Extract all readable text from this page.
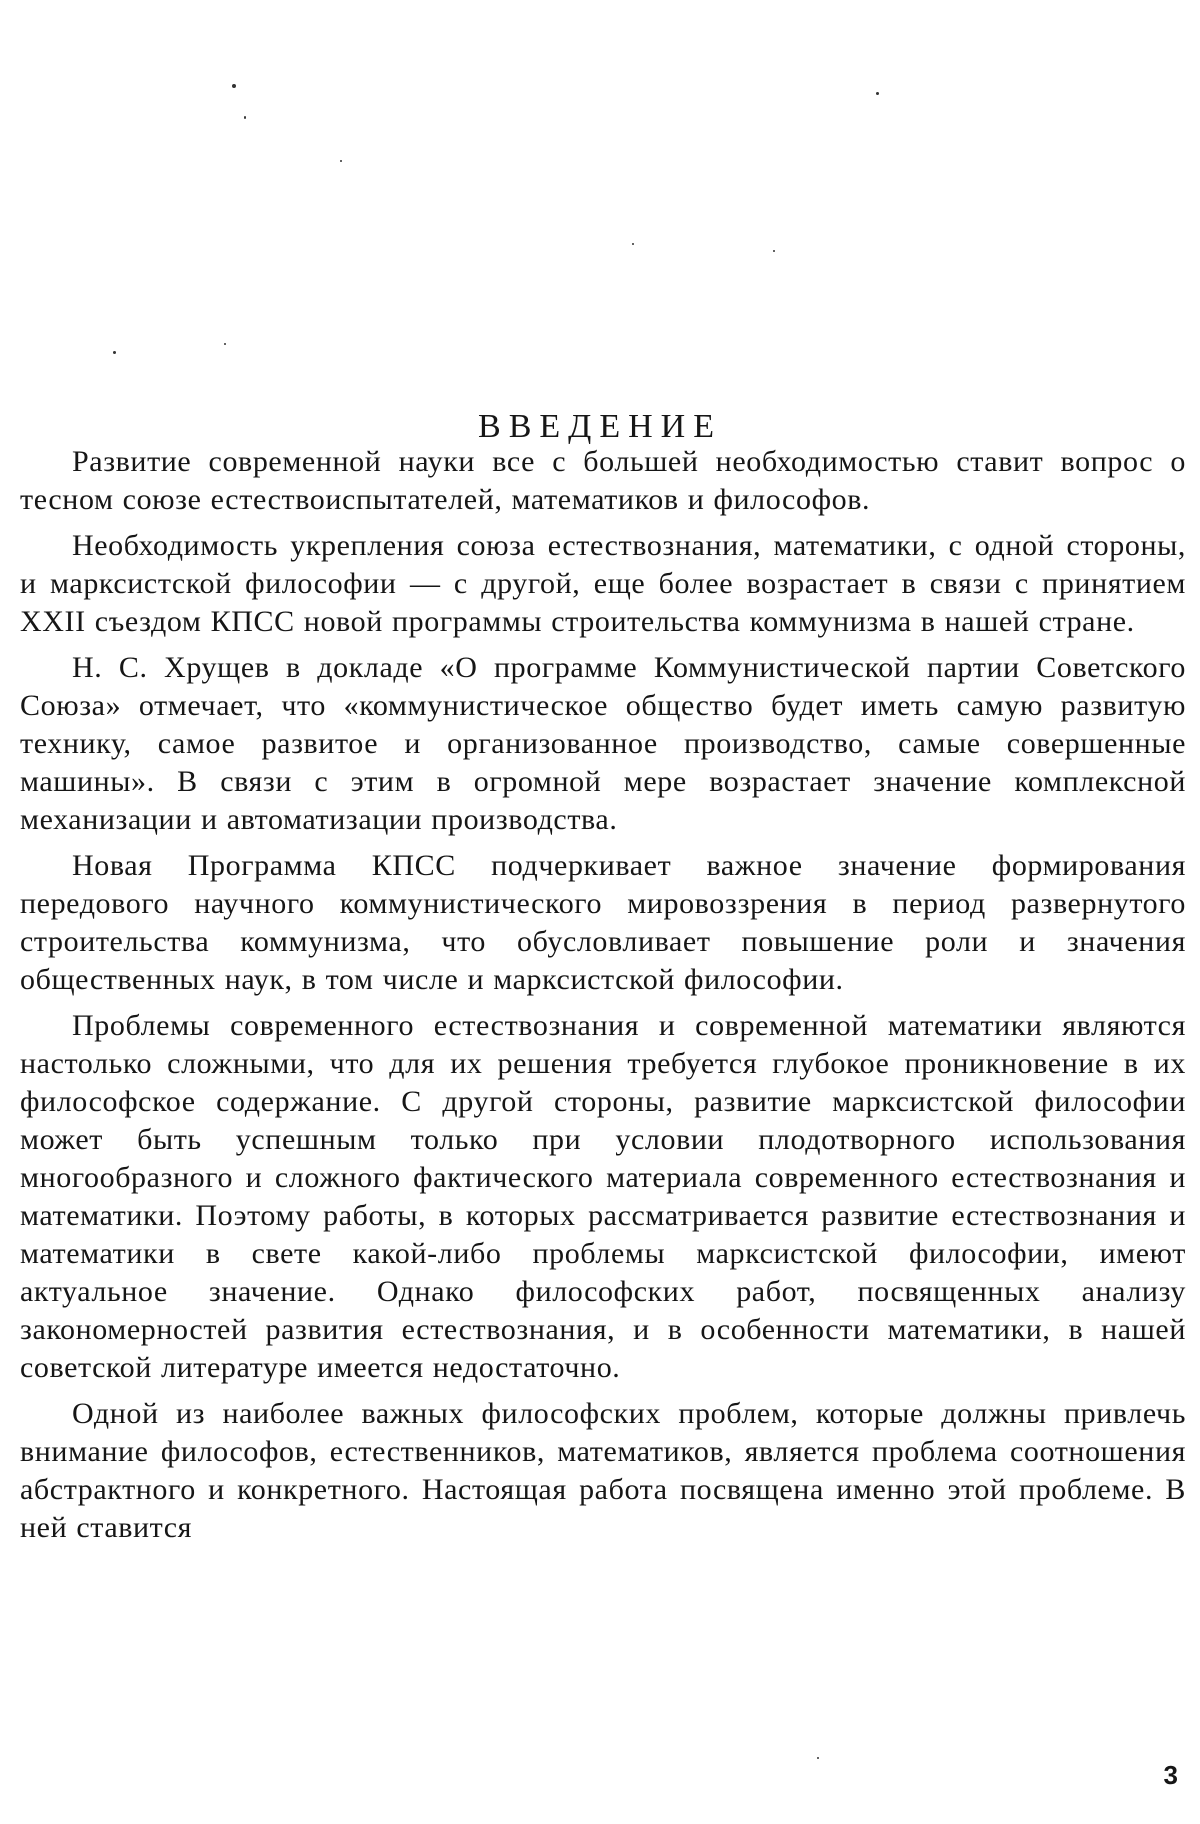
ВВЕДЕНИЕ

Развитие современной науки все с большей необходимостью ставит вопрос о тесном союзе естествоиспытателей, математиков и философов.

Необходимость укрепления союза естествознания, математики, с одной стороны, и марксистской философии — с другой, еще более возрастает в связи с принятием XXII съездом КПСС новой программы строительства коммунизма в нашей стране.

Н. С. Хрущев в докладе «О программе Коммунистической партии Советского Союза» отмечает, что «коммунистическое общество будет иметь самую развитую технику, самое развитое и организованное производство, самые совершенные машины». В связи с этим в огромной мере возрастает значение комплексной механизации и автоматизации производства.

Новая Программа КПСС подчеркивает важное значение формирования передового научного коммунистического мировоззрения в период развернутого строительства коммунизма, что обусловливает повышение роли и значения общественных наук, в том числе и марксистской философии.

Проблемы современного естествознания и современной математики являются настолько сложными, что для их решения требуется глубокое проникновение в их философское содержание. С другой стороны, развитие марксистской философии может быть успешным только при условии плодотворного использования многообразного и сложного фактического материала современного естествознания и математики. Поэтому работы, в которых рассматривается развитие естествознания и математики в свете какой-либо проблемы марксистской философии, имеют актуальное значение. Однако философских работ, посвященных анализу закономерностей развития естествознания, и в особенности математики, в нашей советской литературе имеется недостаточно.

Одной из наиболее важных философских проблем, которые должны привлечь внимание философов, естественников, математиков, является проблема соотношения абстрактного и конкретного. Настоящая работа посвящена именно этой проблеме. В ней ставится

3
